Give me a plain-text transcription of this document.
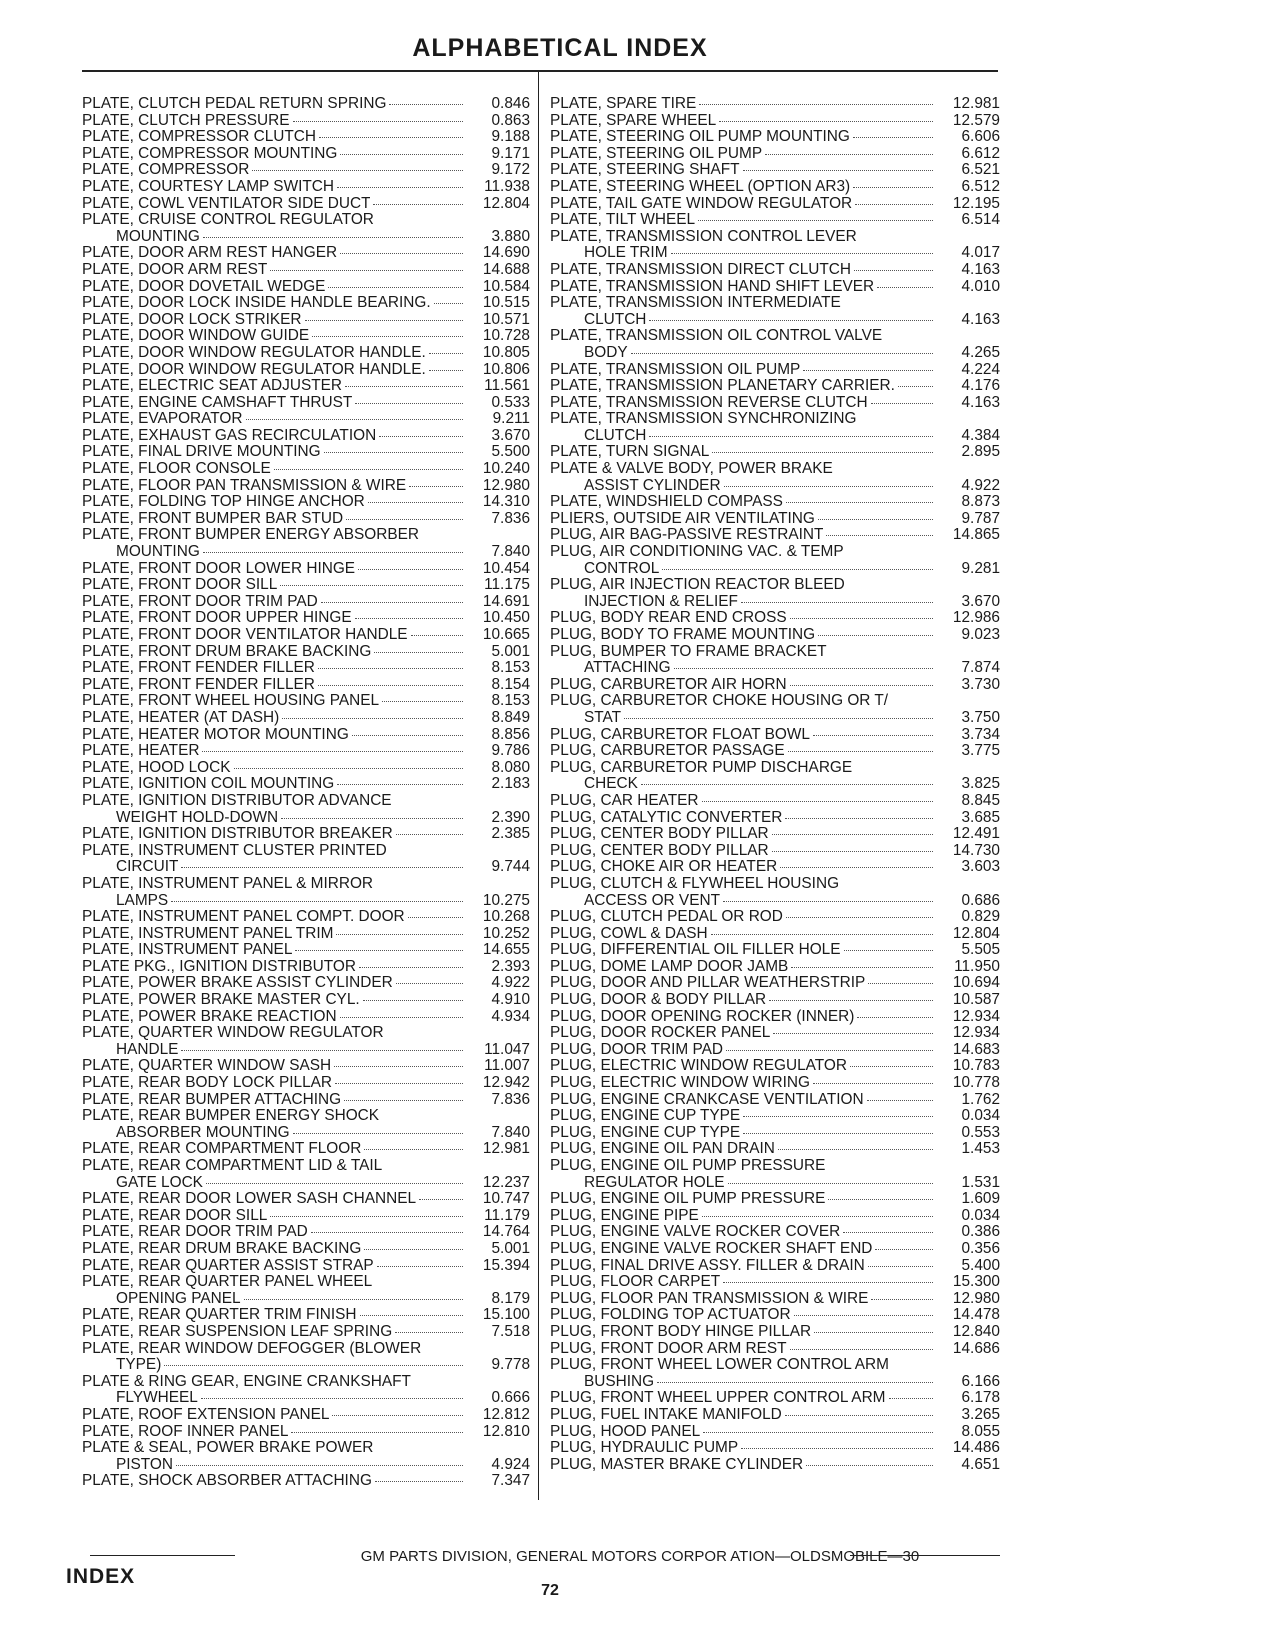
ALPHABETICAL INDEX
PLATE, CLUTCH PEDAL RETURN SPRING	0.846
PLATE, CLUTCH PRESSURE	0.863
PLATE, COMPRESSOR CLUTCH	9.188
PLATE, COMPRESSOR MOUNTING	9.171
PLATE, COMPRESSOR	9.172
PLATE, COURTESY LAMP SWITCH	11.938
PLATE, COWL VENTILATOR SIDE DUCT	12.804
PLATE, CRUISE CONTROL REGULATOR
MOUNTING	3.880
PLATE, DOOR ARM REST HANGER	14.690
PLATE, DOOR ARM REST	14.688
PLATE, DOOR DOVETAIL WEDGE	10.584
PLATE, DOOR LOCK INSIDE HANDLE BEARING.	10.515
PLATE, DOOR LOCK STRIKER	10.571
PLATE, DOOR WINDOW GUIDE	10.728
PLATE, DOOR WINDOW REGULATOR HANDLE.	10.805
PLATE, DOOR WINDOW REGULATOR HANDLE.	10.806
PLATE, ELECTRIC SEAT ADJUSTER	11.561
PLATE, ENGINE CAMSHAFT THRUST	0.533
PLATE, EVAPORATOR	9.211
PLATE, EXHAUST GAS RECIRCULATION	3.670
PLATE, FINAL DRIVE MOUNTING	5.500
PLATE, FLOOR CONSOLE	10.240
PLATE, FLOOR PAN TRANSMISSION & WIRE	12.980
PLATE, FOLDING TOP HINGE ANCHOR	14.310
PLATE, FRONT BUMPER BAR STUD	7.836
PLATE, FRONT BUMPER ENERGY ABSORBER
MOUNTING	7.840
PLATE, FRONT DOOR LOWER HINGE	10.454
PLATE, FRONT DOOR SILL	11.175
PLATE, FRONT DOOR TRIM PAD	14.691
PLATE, FRONT DOOR UPPER HINGE	10.450
PLATE, FRONT DOOR VENTILATOR HANDLE	10.665
PLATE, FRONT DRUM BRAKE BACKING	5.001
PLATE, FRONT FENDER FILLER	8.153
PLATE, FRONT FENDER FILLER	8.154
PLATE, FRONT WHEEL HOUSING PANEL	8.153
PLATE, HEATER (AT DASH)	8.849
PLATE, HEATER MOTOR MOUNTING	8.856
PLATE, HEATER	9.786
PLATE, HOOD LOCK	8.080
PLATE, IGNITION COIL MOUNTING	2.183
PLATE, IGNITION DISTRIBUTOR ADVANCE
WEIGHT HOLD-DOWN	2.390
PLATE, IGNITION DISTRIBUTOR BREAKER	2.385
PLATE, INSTRUMENT CLUSTER PRINTED
CIRCUIT	9.744
PLATE, INSTRUMENT PANEL & MIRROR
LAMPS	10.275
PLATE, INSTRUMENT PANEL COMPT. DOOR	10.268
PLATE, INSTRUMENT PANEL TRIM	10.252
PLATE, INSTRUMENT PANEL	14.655
PLATE PKG., IGNITION DISTRIBUTOR	2.393
PLATE, POWER BRAKE ASSIST CYLINDER	4.922
PLATE, POWER BRAKE MASTER CYL.	4.910
PLATE, POWER BRAKE REACTION	4.934
PLATE, QUARTER WINDOW REGULATOR
HANDLE	11.047
PLATE, QUARTER WINDOW SASH	11.007
PLATE, REAR BODY LOCK PILLAR	12.942
PLATE, REAR BUMPER ATTACHING	7.836
PLATE, REAR BUMPER ENERGY SHOCK
ABSORBER MOUNTING	7.840
PLATE, REAR COMPARTMENT FLOOR	12.981
PLATE, REAR COMPARTMENT LID & TAIL
GATE LOCK	12.237
PLATE, REAR DOOR LOWER SASH CHANNEL	10.747
PLATE, REAR DOOR SILL	11.179
PLATE, REAR DOOR TRIM PAD	14.764
PLATE, REAR DRUM BRAKE BACKING	5.001
PLATE, REAR QUARTER ASSIST STRAP	15.394
PLATE, REAR QUARTER PANEL WHEEL
OPENING PANEL	8.179
PLATE, REAR QUARTER TRIM FINISH	15.100
PLATE, REAR SUSPENSION LEAF SPRING	7.518
PLATE, REAR WINDOW DEFOGGER (BLOWER
TYPE)	9.778
PLATE & RING GEAR, ENGINE CRANKSHAFT
FLYWHEEL	0.666
PLATE, ROOF EXTENSION PANEL	12.812
PLATE, ROOF INNER PANEL	12.810
PLATE & SEAL, POWER BRAKE POWER
PISTON	4.924
PLATE, SHOCK ABSORBER ATTACHING	7.347
PLATE, SPARE TIRE	12.981
PLATE, SPARE WHEEL	12.579
PLATE, STEERING OIL PUMP MOUNTING	6.606
PLATE, STEERING OIL PUMP	6.612
PLATE, STEERING SHAFT	6.521
PLATE, STEERING WHEEL (OPTION AR3)	6.512
PLATE, TAIL GATE WINDOW REGULATOR	12.195
PLATE, TILT WHEEL	6.514
PLATE, TRANSMISSION CONTROL LEVER
HOLE TRIM	4.017
PLATE, TRANSMISSION DIRECT CLUTCH	4.163
PLATE, TRANSMISSION HAND SHIFT LEVER	4.010
PLATE, TRANSMISSION INTERMEDIATE
CLUTCH	4.163
PLATE, TRANSMISSION OIL CONTROL VALVE
BODY	4.265
PLATE, TRANSMISSION OIL PUMP	4.224
PLATE, TRANSMISSION PLANETARY CARRIER.	4.176
PLATE, TRANSMISSION REVERSE CLUTCH	4.163
PLATE, TRANSMISSION SYNCHRONIZING
CLUTCH	4.384
PLATE, TURN SIGNAL	2.895
PLATE & VALVE BODY, POWER BRAKE
ASSIST CYLINDER	4.922
PLATE, WINDSHIELD COMPASS	8.873
PLIERS, OUTSIDE AIR VENTILATING	9.787
PLUG, AIR BAG-PASSIVE RESTRAINT	14.865
PLUG, AIR CONDITIONING VAC. & TEMP
CONTROL	9.281
PLUG, AIR INJECTION REACTOR BLEED
INJECTION & RELIEF	3.670
PLUG, BODY REAR END CROSS	12.986
PLUG, BODY TO FRAME MOUNTING	9.023
PLUG, BUMPER TO FRAME BRACKET
ATTACHING	7.874
PLUG, CARBURETOR AIR HORN	3.730
PLUG, CARBURETOR CHOKE HOUSING OR T/
STAT	3.750
PLUG, CARBURETOR FLOAT BOWL	3.734
PLUG, CARBURETOR PASSAGE	3.775
PLUG, CARBURETOR PUMP DISCHARGE
CHECK	3.825
PLUG, CAR HEATER	8.845
PLUG, CATALYTIC CONVERTER	3.685
PLUG, CENTER BODY PILLAR	12.491
PLUG, CENTER BODY PILLAR	14.730
PLUG, CHOKE AIR OR HEATER	3.603
PLUG, CLUTCH & FLYWHEEL HOUSING
ACCESS OR VENT	0.686
PLUG, CLUTCH PEDAL OR ROD	0.829
PLUG, COWL & DASH	12.804
PLUG, DIFFERENTIAL OIL FILLER HOLE	5.505
PLUG, DOME LAMP DOOR JAMB	11.950
PLUG, DOOR AND PILLAR WEATHERSTRIP	10.694
PLUG, DOOR & BODY PILLAR	10.587
PLUG, DOOR OPENING ROCKER (INNER)	12.934
PLUG, DOOR ROCKER PANEL	12.934
PLUG, DOOR TRIM PAD	14.683
PLUG, ELECTRIC WINDOW REGULATOR	10.783
PLUG, ELECTRIC WINDOW WIRING	10.778
PLUG, ENGINE CRANKCASE VENTILATION	1.762
PLUG, ENGINE CUP TYPE	0.034
PLUG, ENGINE CUP TYPE	0.553
PLUG, ENGINE OIL PAN DRAIN	1.453
PLUG, ENGINE OIL PUMP PRESSURE
REGULATOR HOLE	1.531
PLUG, ENGINE OIL PUMP PRESSURE	1.609
PLUG, ENGINE PIPE	0.034
PLUG, ENGINE VALVE ROCKER COVER	0.386
PLUG, ENGINE VALVE ROCKER SHAFT END	0.356
PLUG, FINAL DRIVE ASSY. FILLER & DRAIN	5.400
PLUG, FLOOR CARPET	15.300
PLUG, FLOOR PAN TRANSMISSION & WIRE	12.980
PLUG, FOLDING TOP ACTUATOR	14.478
PLUG, FRONT BODY HINGE PILLAR	12.840
PLUG, FRONT DOOR ARM REST	14.686
PLUG, FRONT WHEEL LOWER CONTROL ARM
BUSHING	6.166
PLUG, FRONT WHEEL UPPER CONTROL ARM	6.178
PLUG, FUEL INTAKE MANIFOLD	3.265
PLUG, HOOD PANEL	8.055
PLUG, HYDRAULIC PUMP	14.486
PLUG, MASTER BRAKE CYLINDER	4.651
GM PARTS DIVISION, GENERAL MOTORS CORPOR ATION—OLDSMOBILE—30
INDEX
72
